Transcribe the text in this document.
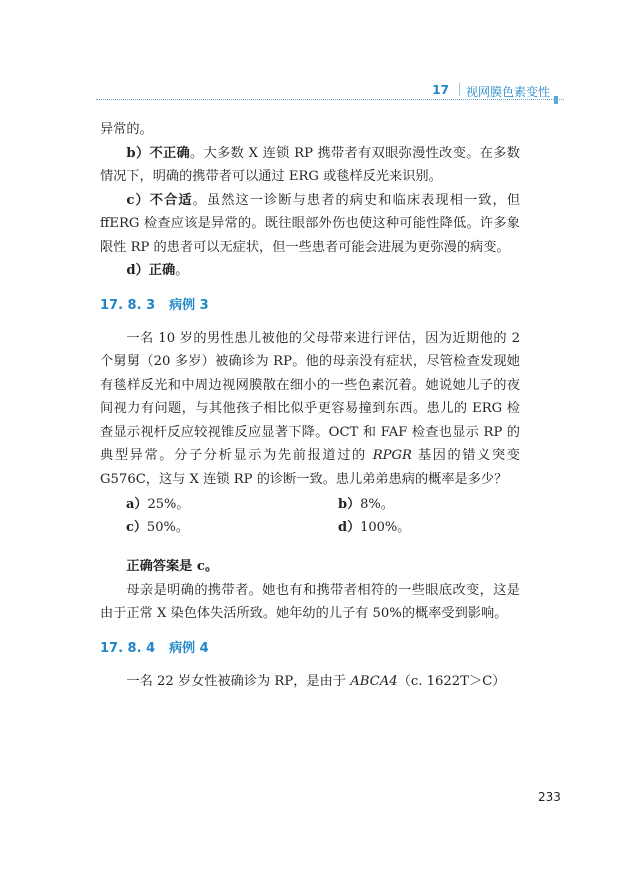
17 视网膜色素变性

异常的。

b）不正确。大多数 X 连锁 RP 携带者有双眼弥漫性改变。在多数情况下，明确的携带者可以通过 ERG 或毯样反光来识别。

c）不合适。虽然这一诊断与患者的病史和临床表现相一致，但 ffERG 检查应该是异常的。既往眼部外伤也使这种可能性降低。许多象限性 RP 的患者可以无症状，但一些患者可能会进展为更弥漫的病变。

d）正确。

17. 8. 3 病例 3

一名 10 岁的男性患儿被他的父母带来进行评估，因为近期他的 2 个舅舅（20 多岁）被确诊为 RP。他的母亲没有症状，尽管检查发现她有毯样反光和中周边视网膜散在细小的一些色素沉着。她说她儿子的夜间视力有问题，与其他孩子相比似乎更容易撞到东西。患儿的 ERG 检查显示视杆反应较视锥反应显著下降。OCT 和 FAF 检查也显示 RP 的典型异常。分子分析显示为先前报道过的 RPGR 基因的错义突变 G576C，这与 X 连锁 RP 的诊断一致。患儿弟弟患病的概率是多少？

a）25%。	b）8%。
c）50%。	d）100%。

正确答案是 c。

母亲是明确的携带者。她也有和携带者相符的一些眼底改变，这是由于正常 X 染色体失活所致。她年幼的儿子有 50%的概率受到影响。

17. 8. 4 病例 4

一名 22 岁女性被确诊为 RP，是由于 ABCA4（c. 1622T＞C）

233
